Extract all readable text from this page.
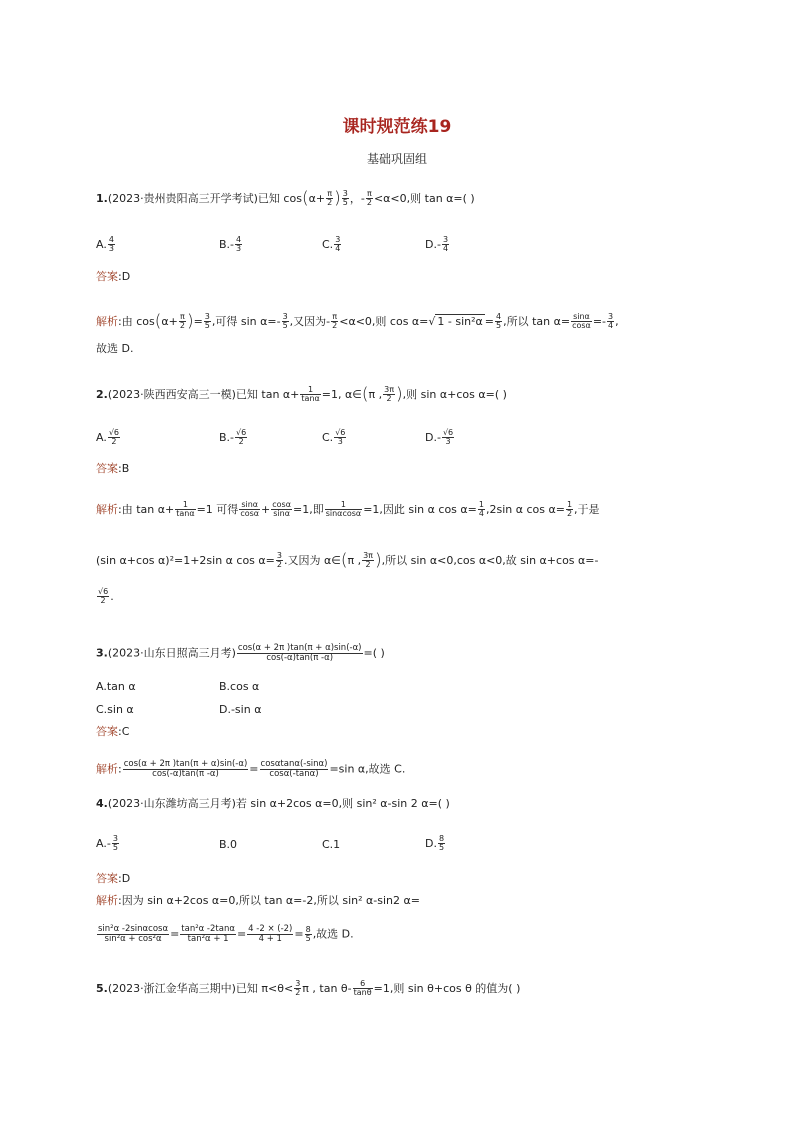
课时规范练19
基础巩固组
1.(2023·贵州贵阳高三开学考试)已知 $\cos(\alpha+ \frac{\pi}{2}$ ) $\frac{3}{5}$ ，- $\frac{\pi}{2} <\alpha<0$,则 tan α=( )
A. $\frac{4}{3}$	$B.- \frac{4}{3}$	C. $\frac{3}{4}$	$D.- \frac{3}{4}$
答案:D
解析:由 $\cos(\alpha+ \frac{\pi}{2}$ )= $\frac{3}{5}$ ,可得 $\sin \alpha=- \frac{3}{5}$ ,又因为- $\frac{\pi}{2} <\alpha<0$,则 cos α=√ $1 - \sin^2\alpha = \frac{4}{5}$ ,所以 $\tan \alpha= \frac{\sin\alpha}{\cos\alpha} =- \frac{3}{4}$ ,
故选 D.
2.(2023·陕西西安高三一模)已知 $\tan \alpha+ \frac{1}{\tan\alpha} =1$, α∈(π , $\frac{3\pi}{2}$ ),则 sin α+cos α=( )
A. $\frac{√6}{2}$	$B.- \frac{√6}{2}$	C. $\frac{√6}{3}$	$D.- \frac{√6}{3}$
答案:B
解析:由 $\tan \alpha+ \frac{1}{\tan\alpha} =1$ 可得 $\frac{\sin\alpha}{\cos\alpha} + \frac{\cos\alpha}{\sin\alpha} =1$,即 $\frac{1}{\sin\alpha\cos\alpha} =1$,因此 sin α $\cos \alpha= \frac{1}{4} ,2\sin$ α $\cos \alpha= \frac{1}{2}$ ,于是
(sin α+cos α)²=1+2sin α $\cos \alpha= \frac{3}{2}$ .又因为 α∈(π , $\frac{3\pi}{2}$ ),所以 sin α<0,cos α<0,故 sin α+cos α=-
$\frac{√6}{2}$ .
3.(2023·山东日照高三月考) $\frac{\cos(\alpha + 2\pi )\tan(\pi + \alpha)\sin(-\alpha)}{\cos(-\alpha)\tan(\pi -\alpha)}$ =( )
A.tan α	B.cos α
C.sin α	D.-sin α
答案:C
解析: $\frac{\cos(\alpha + 2\pi )\tan(\pi + \alpha)\sin(-\alpha)}{\cos(-\alpha)\tan(\pi -\alpha)} = \frac{\cos\alpha\tan\alpha(-\sin\alpha)}{\cos\alpha(-\tan\alpha)} =\sin$ α,故选 C.
4.(2023·山东潍坊高三月考)若 sin α+2cos α=0,则 sin² α-sin 2 α=( )
$A.- \frac{3}{5}$	B.0	C.1	D. $\frac{8}{5}$
答案:D
解析:因为 sin α+2cos α=0,所以 tan α=-2,所以 sin² α-sin2 α=
$\frac{\text{sin²α -2sinαcosα}}{\text{sin²α + cos²α}} = \frac{\text{tan²α -2tanα}}{\text{tan²α + 1}} = \frac{4 -2 \times (-2)}{4 + 1} = \frac{8}{5}$ ,故选 D.
5.(2023·浙江金华高三期中)已知 $\pi<\theta< \frac{3}{2}$ π , $\tan \theta- \frac{6}{\tan\theta} =1$,则 sin θ+cos θ 的值为( )
